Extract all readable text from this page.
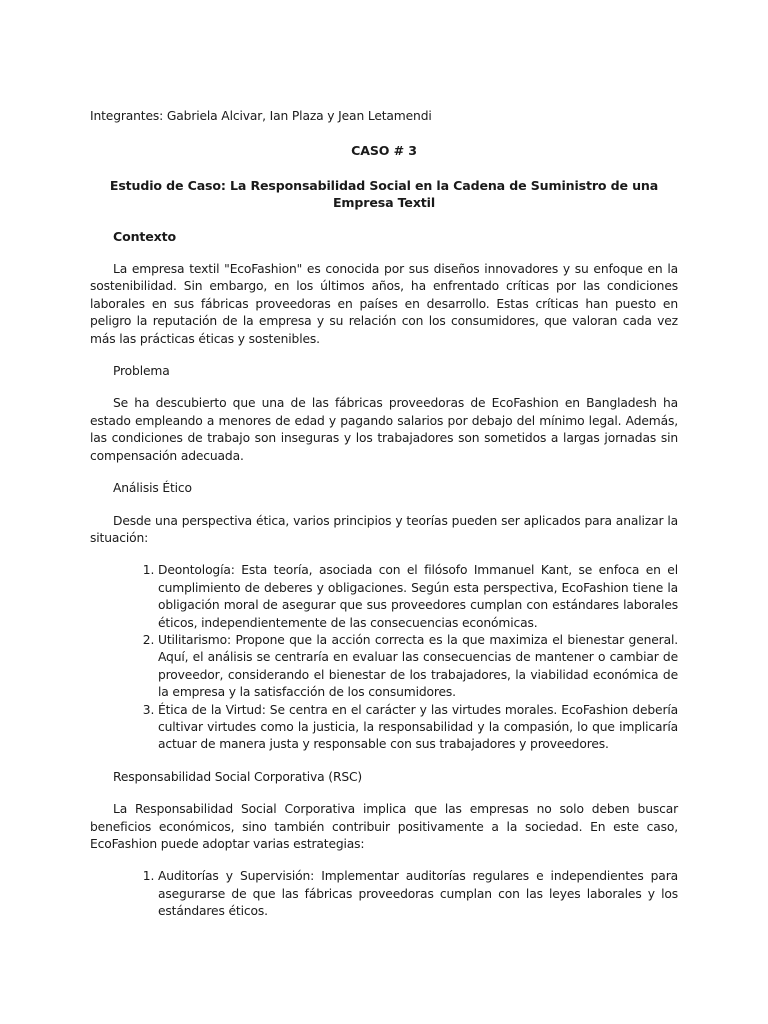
Integrantes: Gabriela Alcivar, Ian Plaza y Jean Letamendi

CASO # 3

Estudio de Caso: La Responsabilidad Social en la Cadena de Suministro de una Empresa Textil

Contexto

La empresa textil "EcoFashion" es conocida por sus diseños innovadores y su enfoque en la sostenibilidad. Sin embargo, en los últimos años, ha enfrentado críticas por las condiciones laborales en sus fábricas proveedoras en países en desarrollo. Estas críticas han puesto en peligro la reputación de la empresa y su relación con los consumidores, que valoran cada vez más las prácticas éticas y sostenibles.

Problema

Se ha descubierto que una de las fábricas proveedoras de EcoFashion en Bangladesh ha estado empleando a menores de edad y pagando salarios por debajo del mínimo legal. Además, las condiciones de trabajo son inseguras y los trabajadores son sometidos a largas jornadas sin compensación adecuada.

Análisis Ético

Desde una perspectiva ética, varios principios y teorías pueden ser aplicados para analizar la situación:

1. Deontología: Esta teoría, asociada con el filósofo Immanuel Kant, se enfoca en el cumplimiento de deberes y obligaciones. Según esta perspectiva, EcoFashion tiene la obligación moral de asegurar que sus proveedores cumplan con estándares laborales éticos, independientemente de las consecuencias económicas.
2. Utilitarismo: Propone que la acción correcta es la que maximiza el bienestar general. Aquí, el análisis se centraría en evaluar las consecuencias de mantener o cambiar de proveedor, considerando el bienestar de los trabajadores, la viabilidad económica de la empresa y la satisfacción de los consumidores.
3. Ética de la Virtud: Se centra en el carácter y las virtudes morales. EcoFashion debería cultivar virtudes como la justicia, la responsabilidad y la compasión, lo que implicaría actuar de manera justa y responsable con sus trabajadores y proveedores.

Responsabilidad Social Corporativa (RSC)

La Responsabilidad Social Corporativa implica que las empresas no solo deben buscar beneficios económicos, sino también contribuir positivamente a la sociedad. En este caso, EcoFashion puede adoptar varias estrategias:

1. Auditorías y Supervisión: Implementar auditorías regulares e independientes para asegurarse de que las fábricas proveedoras cumplan con las leyes laborales y los estándares éticos.
